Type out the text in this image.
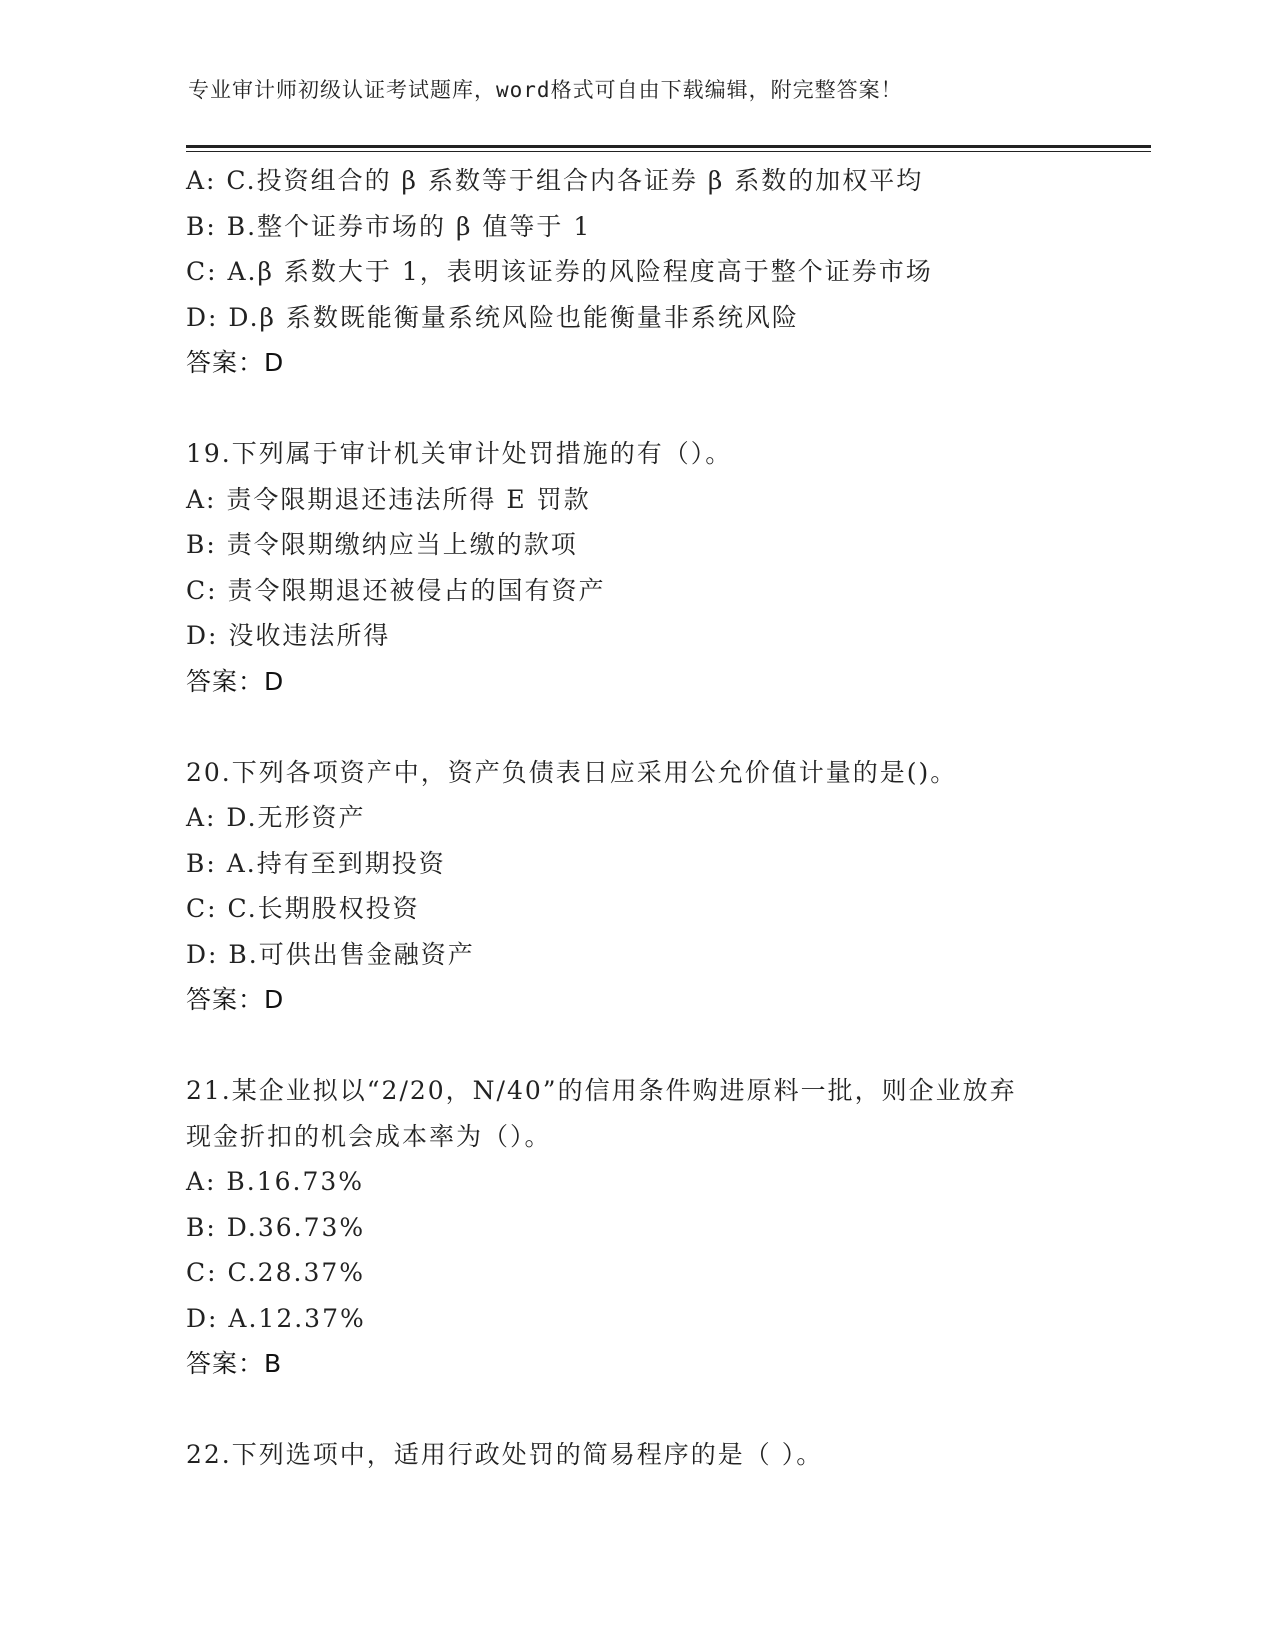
专业审计师初级认证考试题库，word格式可自由下载编辑，附完整答案！
A: C.投资组合的 β 系数等于组合内各证券 β 系数的加权平均
B: B.整个证券市场的 β 值等于 1
C: A.β 系数大于 1，表明该证券的风险程度高于整个证券市场
D: D.β 系数既能衡量系统风险也能衡量非系统风险
答案：D
19.下列属于审计机关审计处罚措施的有（）。
A: 责令限期退还违法所得 E 罚款
B: 责令限期缴纳应当上缴的款项
C: 责令限期退还被侵占的国有资产
D: 没收违法所得
答案：D
20.下列各项资产中，资产负债表日应采用公允价值计量的是()。
A: D.无形资产
B: A.持有至到期投资
C: C.长期股权投资
D: B.可供出售金融资产
答案：D
21.某企业拟以“2/20，N/40”的信用条件购进原料一批，则企业放弃
现金折扣的机会成本率为（）。
A: B.16.73%
B: D.36.73%
C: C.28.37%
D: A.12.37%
答案：B
22.下列选项中，适用行政处罚的简易程序的是（ ）。
